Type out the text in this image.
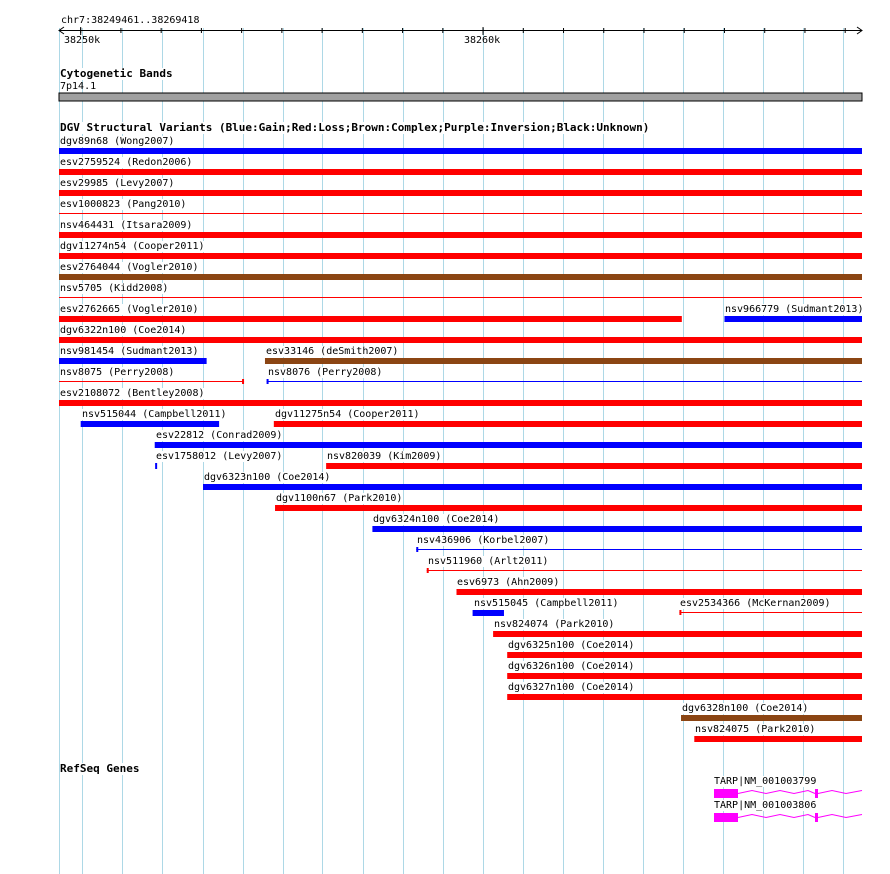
chr7:38249461..38269418
38250k	38260k
Cytogenetic Bands
7p14.1
DGV Structural Variants (Blue:Gain;Red:Loss;Brown:Complex;Purple:Inversion;Black:Unknown)
dgv89n68 (Wong2007)
esv2759524 (Redon2006)
esv29985 (Levy2007)
esv1000823 (Pang2010)
nsv464431 (Itsara2009)
dgv11274n54 (Cooper2011)
esv2764044 (Vogler2010)
nsv5705 (Kidd2008)
esv2762665 (Vogler2010)	nsv966779 (Sudmant2013)
dgv6322n100 (Coe2014)
nsv981454 (Sudmant2013)	esv33146 (deSmith2007)
nsv8075 (Perry2008)	nsv8076 (Perry2008)
esv2108072 (Bentley2008)
nsv515044 (Campbell2011)	dgv11275n54 (Cooper2011)
esv22812 (Conrad2009)
esv1758012 (Levy2007)	nsv820039 (Kim2009)
dgv6323n100 (Coe2014)
dgv1100n67 (Park2010)
dgv6324n100 (Coe2014)
nsv436906 (Korbel2007)
nsv511960 (Arlt2011)
esv6973 (Ahn2009)
nsv515045 (Campbell2011)	esv2534366 (McKernan2009)
nsv824074 (Park2010)
dgv6325n100 (Coe2014)
dgv6326n100 (Coe2014)
dgv6327n100 (Coe2014)
dgv6328n100 (Coe2014)
nsv824075 (Park2010)
RefSeq Genes
TARP|NM_001003799
TARP|NM_001003806
